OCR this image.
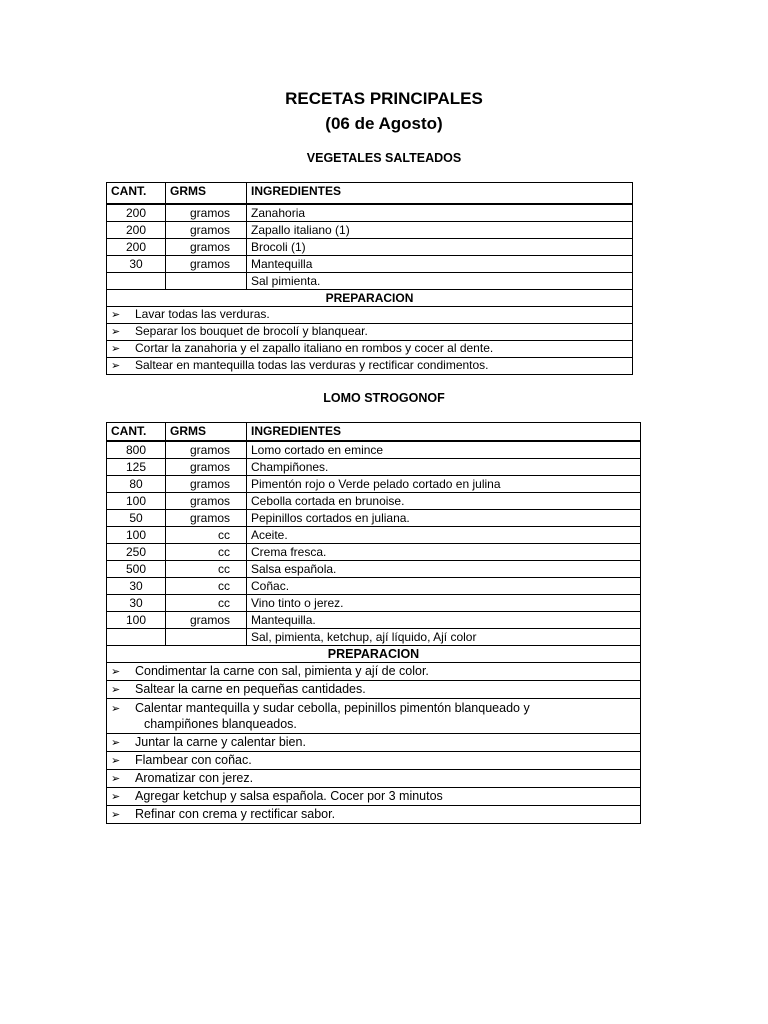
RECETAS PRINCIPALES
(06 de Agosto)
VEGETALES SALTEADOS
CANT.	GRMS	INGREDIENTES
200	gramos	Zanahoria
200	gramos	Zapallo italiano (1)
200	gramos	Brocoli (1)
30	gramos	Mantequilla
		Sal pimienta.
PREPARACION		
➢ Lavar todas las verduras.		
➢ Separar los bouquet de brocolí y blanquear.		
➢ Cortar la zanahoria y el zapallo italiano en rombos y cocer al dente.		
➢ Saltear en mantequilla todas las verduras y rectificar condimentos.		
LOMO STROGONOF
CANT.	GRMS	INGREDIENTES
800	gramos	Lomo cortado en emince
125	gramos	Champiñones.
80	gramos	Pimentón rojo o Verde pelado cortado en julina
100	gramos	Cebolla cortada en brunoise.
50	gramos	Pepinillos cortados en juliana.
100	cc	Aceite.
250	cc	Crema fresca.
500	cc	Salsa española.
30	cc	Coñac.
30	cc	Vino tinto o jerez.
100	gramos	Mantequilla.
		Sal, pimienta, ketchup, ají líquido, Ají color
PREPARACION		
➢ Condimentar la carne con sal, pimienta y ají de color.		
➢ Saltear la carne en pequeñas cantidades.		
➢ Calentar mantequilla y sudar cebolla, pepinillos pimentón blanqueado y
champiñones blanqueados.		

➢ Juntar la carne y calentar bien.		
➢ Flambear con coñac.		
➢ Aromatizar con jerez.		
➢ Agregar ketchup y salsa española. Cocer por 3 minutos		
➢ Refinar con crema y rectificar sabor.		
